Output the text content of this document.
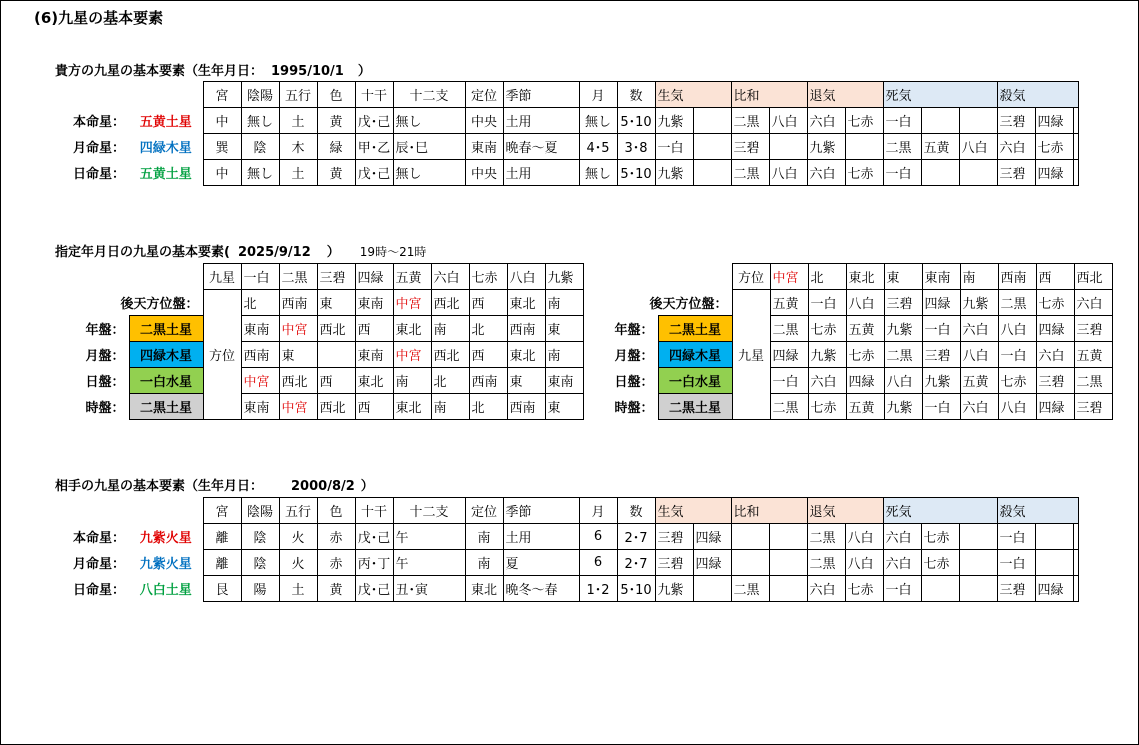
(6)九星の基本要素
貴方の九星の基本要素（生年月日： 1995/10/1 ）
		宮	陰陽	五行	色	十干	十二支	定位	季節	月	数	生気		比和		退気		死気			殺気		
本命星：	五黄土星	中	無し	土	黄	戊･己	無し	中央	土用	無し	5･10	九紫		二黒	八白	六白	七赤	一白			三碧	四緑	
月命星：	四緑木星	巽	陰	木	緑	甲･乙	辰･巳	東南	晩春～夏	4･5	3･8	一白		三碧		九紫		二黒	五黄	八白	六白	七赤	
日命星：	五黄土星	中	無し	土	黄	戊･己	無し	中央	土用	無し	5･10	九紫		二黒	八白	六白	七赤	一白			三碧	四緑	
指定年月日の九星の基本要素( 2025/9/12 ） 19時～21時
		九星	一白	二黒	三碧	四緑	五黄	六白	七赤	八白	九紫
後天方位盤：			北	西南	東	東南	中宮	西北	西	東北	南
年盤：	二黒土星		東南	中宮	西北	西	東北	南	北	西南	東
月盤：	四緑木星	方位	西南	東		東南	中宮	西北	西	東北	南
日盤：	一白水星		中宮	西北	西	東北	南	北	西南	東	東南
時盤：	二黒土星		東南	中宮	西北	西	東北	南	北	西南	東
		方位	中宮	北	東北	東	東南	南	西南	西	西北
後天方位盤：			五黄	一白	八白	三碧	四緑	九紫	二黒	七赤	六白
年盤：	二黒土星		二黒	七赤	五黄	九紫	一白	六白	八白	四緑	三碧
月盤：	四緑木星	九星	四緑	九紫	七赤	二黒	三碧	八白	一白	六白	五黄
日盤：	一白水星		一白	六白	四緑	八白	九紫	五黄	七赤	三碧	二黒
時盤：	二黒土星		二黒	七赤	五黄	九紫	一白	六白	八白	四緑	三碧
相手の九星の基本要素（生年月日： 2000/8/2 ）
		宮	陰陽	五行	色	十干	十二支	定位	季節	月	数	生気		比和		退気		死気			殺気		
本命星：	九紫火星	離	陰	火	赤	戊･己	午	南	土用	6	2･7	三碧	四緑			二黒	八白	六白	七赤		一白		
月命星：	九紫火星	離	陰	火	赤	丙･丁	午	南	夏	6	2･7	三碧	四緑			二黒	八白	六白	七赤		一白		
日命星：	八白土星	艮	陽	土	黄	戊･己	丑･寅	東北	晩冬～春	1･2	5･10	九紫		二黒		六白	七赤	一白			三碧	四緑	
